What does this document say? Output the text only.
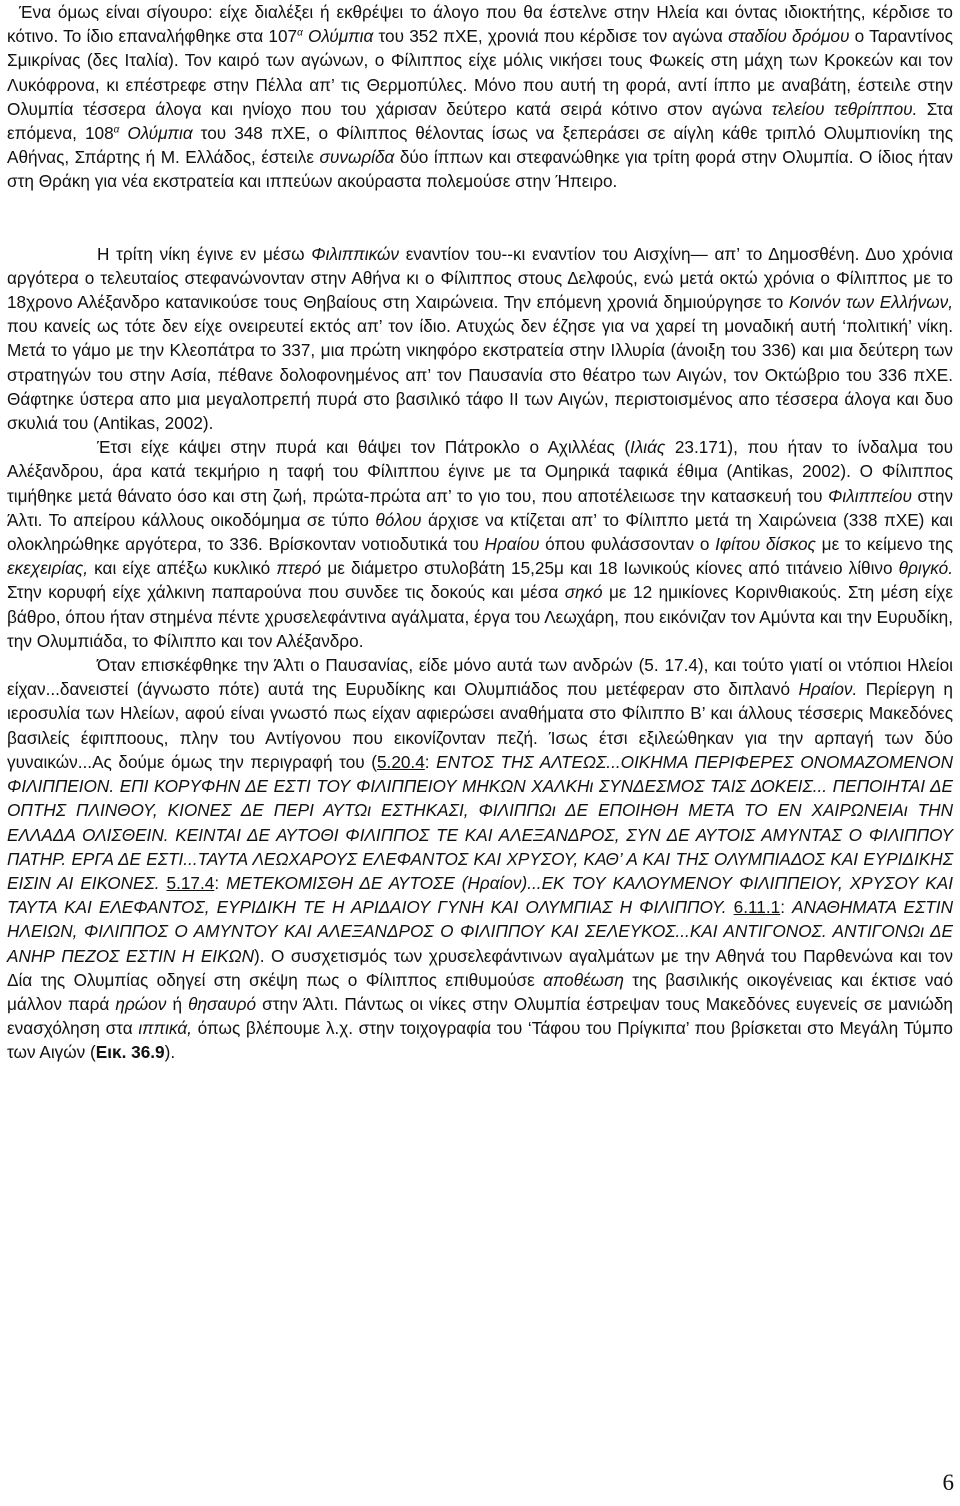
Ένα όμως είναι σίγουρο: είχε διαλέξει ή εκθρέψει το άλογο που θα έστελνε στην Ηλεία και όντας ιδιοκτήτης, κέρδισε το κότινο. Το ίδιο επαναλήφθηκε στα $107^\alpha$ Ολύμπια του 352 πΧΕ, χρονιά που κέρδισε τον αγώνα σταδίου δρόμου ο Ταραντίνος Σμικρίνας (δες Ιταλία). Τον καιρό των αγώνων, ο Φίλιππος είχε μόλις νικήσει τους Φωκείς στη μάχη των Κροκεών και τον Λυκόφρονα, κι επέστρεφε στην Πέλλα απ’ τις Θερμοπύλες. Μόνο που αυτή τη φορά, αντί ίππο με αναβάτη, έστειλε στην Ολυμπία τέσσερα άλογα και ηνίοχο που του χάρισαν δεύτερο κατά σειρά κότινο στον αγώνα τελείου τεθρίππου. Στα επόμενα, $108^\alpha$ Ολύμπια του 348 πΧΕ, ο Φίλιππος θέλοντας ίσως να ξεπεράσει σε αίγλη κάθε τριπλό Ολυμπιονίκη της Αθήνας, Σπάρτης ή Μ. Ελλάδος, έστειλε συνωρίδα δύο ίππων και στεφανώθηκε για τρίτη φορά στην Ολυμπία. Ο ίδιος ήταν στη Θράκη για νέα εκστρατεία και ιππεύων ακούραστα πολεμούσε στην Ήπειρο.

Η τρίτη νίκη έγινε εν μέσω Φιλιππικών εναντίον του--κι εναντίον του Αισχίνη— απ’ το Δημοσθένη. Δυο χρόνια αργότερα ο τελευταίος στεφανώνονταν στην Αθήνα κι ο Φίλιππος στους Δελφούς, ενώ μετά οκτώ χρόνια ο Φίλιππος με το 18χρονο Αλέξανδρο κατανικούσε τους Θηβαίους στη Χαιρώνεια. Την επόμενη χρονιά δημιούργησε το Κοινόν των Ελλήνων, που κανείς ως τότε δεν είχε ονειρευτεί εκτός απ’ τον ίδιο. Ατυχώς δεν έζησε για να χαρεί τη μοναδική αυτή ‘πολιτική’ νίκη. Μετά το γάμο με την Κλεοπάτρα το 337, μια πρώτη νικηφόρο εκστρατεία στην Ιλλυρία (άνοιξη του 336) και μια δεύτερη των στρατηγών του στην Ασία, πέθανε δολοφονημένος απ’ τον Παυσανία στο θέατρο των Αιγών, τον Οκτώβριο του 336 πΧΕ. Θάφτηκε ύστερα απο μια μεγαλοπρεπή πυρά στο βασιλικό τάφο ΙΙ των Αιγών, περιστοισμένος απο τέσσερα άλογα και δυο σκυλιά του (Antikas, 2002).

Έτσι είχε κάψει στην πυρά και θάψει τον Πάτροκλο ο Αχιλλέας (Ιλιάς 23.171), που ήταν το ίνδαλμα του Αλέξανδρου, άρα κατά τεκμήριο η ταφή του Φίλιππου έγινε με τα Ομηρικά ταφικά έθιμα (Antikas, 2002). Ο Φίλιππος τιμήθηκε μετά θάνατο όσο και στη ζωή, πρώτα-πρώτα απ’ το γιο του, που αποτέλειωσε την κατασκευή του Φιλιππείου στην Άλτι. Το απείρου κάλλους οικοδόμημα σε τύπο θόλου άρχισε να κτίζεται απ’ το Φίλιππο μετά τη Χαιρώνεια (338 πΧΕ) και ολοκληρώθηκε αργότερα, το 336. Βρίσκονταν νοτιοδυτικά του Ηραίου όπου φυλάσσονταν ο Ιφίτου δίσκος με το κείμενο της εκεχειρίας, και είχε απέξω κυκλικό πτερό με διάμετρο στυλοβάτη 15,25μ και 18 Ιωνικούς κίονες από τιτάνειο λίθινο θριγκό. Στην κορυφή είχε χάλκινη παπαρούνα που συνδεε τις δοκούς και μέσα σηκό με 12 ημικίονες Κορινθιακούς. Στη μέση είχε βάθρο, όπου ήταν στημένα πέντε χρυσελεφάντινα αγάλματα, έργα του Λεωχάρη, που εικόνιζαν τον Αμύντα και την Ευρυδίκη, την Ολυμπιάδα, το Φίλιππο και τον Αλέξανδρο.

Όταν επισκέφθηκε την Άλτι ο Παυσανίας, είδε μόνο αυτά των ανδρών (5. 17.4), και τούτο γιατί οι ντόπιοι Ηλείοι είχαν...δανειστεί (άγνωστο πότε) αυτά της Ευρυδίκης και Ολυμπιάδος που μετέφεραν στο διπλανό Ηραίον. Περίεργη η ιεροσυλία των Ηλείων, αφού είναι γνωστό πως είχαν αφιερώσει αναθήματα στο Φίλιππο Β’ και άλλους τέσσερις Μακεδόνες βασιλείς έφιπποους, πλην του Αντίγονου που εικονίζονταν πεζή. Ίσως έτσι εξιλεώθηκαν για την αρπαγή των δύο γυναικών...Ας δούμε όμως την περιγραφή του (5.20.4: ΕΝΤΟΣ ΤΗΣ ΑΛΤΕΩΣ...ΟΙΚΗΜΑ ΠΕΡΙΦΕΡΕΣ ΟΝΟΜΑΖΟΜΕΝΟΝ ΦΙΛΙΠΠΕΙΟΝ. ΕΠΙ ΚΟΡΥΦΗΝ ΔΕ ΕΣΤΙ ΤΟΥ ΦΙΛΙΠΠΕΙΟΥ ΜΗΚΩΝ ΧΑΛΚΗι ΣΥΝΔΕΣΜΟΣ ΤΑΙΣ ΔΟΚΕΙΣ... ΠΕΠΟΙΗΤΑΙ ΔΕ ΟΠΤΗΣ ΠΛΙΝΘΟΥ, ΚΙΟΝΕΣ ΔΕ ΠΕΡΙ ΑΥΤΩι ΕΣΤΗΚΑΣΙ, ΦΙΛΙΠΠΩι ΔΕ ΕΠΟΙΗΘΗ ΜΕΤΑ ΤΟ ΕΝ ΧΑΙΡΩΝΕΙΑι ΤΗΝ ΕΛΛΑΔΑ ΟΛΙΣΘΕΙΝ. ΚΕΙΝΤΑΙ ΔΕ ΑΥΤΟΘΙ ΦΙΛΙΠΠΟΣ ΤΕ ΚΑΙ ΑΛΕΞΑΝΔΡΟΣ, ΣΥΝ ΔΕ ΑΥΤΟΙΣ ΑΜΥΝΤΑΣ Ο ΦΙΛΙΠΠΟΥ ΠΑΤΗΡ. ΕΡΓΑ ΔΕ ΕΣΤΙ...ΤΑΥΤΑ ΛΕΩΧΑΡΟΥΣ ΕΛΕΦΑΝΤΟΣ ΚΑΙ ΧΡΥΣΟΥ, ΚΑΘ’ Α ΚΑΙ ΤΗΣ ΟΛΥΜΠΙΑΔΟΣ ΚΑΙ ΕΥΡΙΔΙΚΗΣ ΕΙΣΙΝ ΑΙ ΕΙΚΟΝΕΣ. 5.17.4: ΜΕΤΕΚΟΜΙΣΘΗ ΔΕ ΑΥΤΟΣΕ (Ηραίον)...ΕΚ ΤΟΥ ΚΑΛΟΥΜΕΝΟΥ ΦΙΛΙΠΠΕΙΟΥ, ΧΡΥΣΟΥ ΚΑΙ ΤΑΥΤΑ ΚΑΙ ΕΛΕΦΑΝΤΟΣ, ΕΥΡΙΔΙΚΗ ΤΕ Η ΑΡΙΔΑΙΟΥ ΓΥΝΗ ΚΑΙ ΟΛΥΜΠΙΑΣ Η ΦΙΛΙΠΠΟΥ. 6.11.1: ΑΝΑΘΗΜΑΤΑ ΕΣΤΙΝ ΗΛΕΙΩΝ, ΦΙΛΙΠΠΟΣ Ο ΑΜΥΝΤΟΥ ΚΑΙ ΑΛΕΞΑΝΔΡΟΣ Ο ΦΙΛΙΠΠΟΥ ΚΑΙ ΣΕΛΕΥΚΟΣ...ΚΑΙ ΑΝΤΙΓΟΝΟΣ. ΑΝΤΙΓΟΝΩι ΔΕ ΑΝΗΡ ΠΕΖΟΣ ΕΣΤΙΝ Η ΕΙΚΩΝ). Ο συσχετισμός των χρυσελεφάντινων αγαλμάτων με την Αθηνά του Παρθενώνα και τον Δία της Ολυμπίας οδηγεί στη σκέψη πως ο Φίλιππος επιθυμούσε αποθέωση της βασιλικής οικογένειας και έκτισε ναό μάλλον παρά ηρώον ή θησαυρό στην Άλτι. Πάντως οι νίκες στην Ολυμπία έστρεψαν τους Μακεδόνες ευγενείς σε μανιώδη ενασχόληση στα ιππικά, όπως βλέπουμε λ.χ. στην τοιχογραφία του ‘Τάφου του Πρίγκιπα’ που βρίσκεται στο Μεγάλη Τύμπο των Αιγών (Εικ. 36.9).

6
